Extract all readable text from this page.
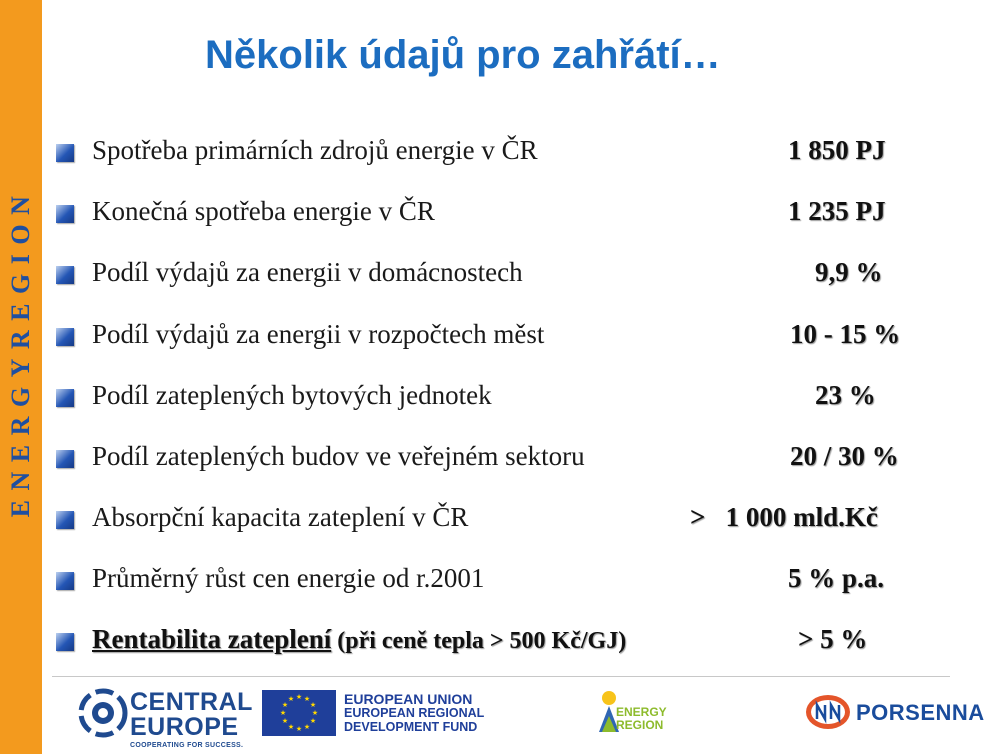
ENERGYREGION
Několik údajů pro zahřátí…
Spotřeba primárních zdrojů energie v ČR	1 850 PJ
Konečná spotřeba energie v ČR	1 235 PJ
Podíl výdajů za energii v domácnostech	9,9 %
Podíl výdajů za energii v rozpočtech měst	10 - 15 %
Podíl zateplených bytových jednotek	23 %
Podíl zateplených budov ve veřejném sektoru	20 / 30 %
Absorpční kapacita zateplení v ČR	>   1 000 mld.Kč
Průměrný růst cen energie od r.2001	5 % p.a.
Rentabilita zateplení (při ceně tepla > 500 Kč/GJ)	> 5 %
CENTRAL
EUROPE
COOPERATING FOR SUCCESS.
★ ★
★
★
★
★
★
★
★
★
★
★	EUROPEAN UNION
EUROPEAN REGIONAL
DEVELOPMENT FUND
ENERGY
REGION	PORSENNA
